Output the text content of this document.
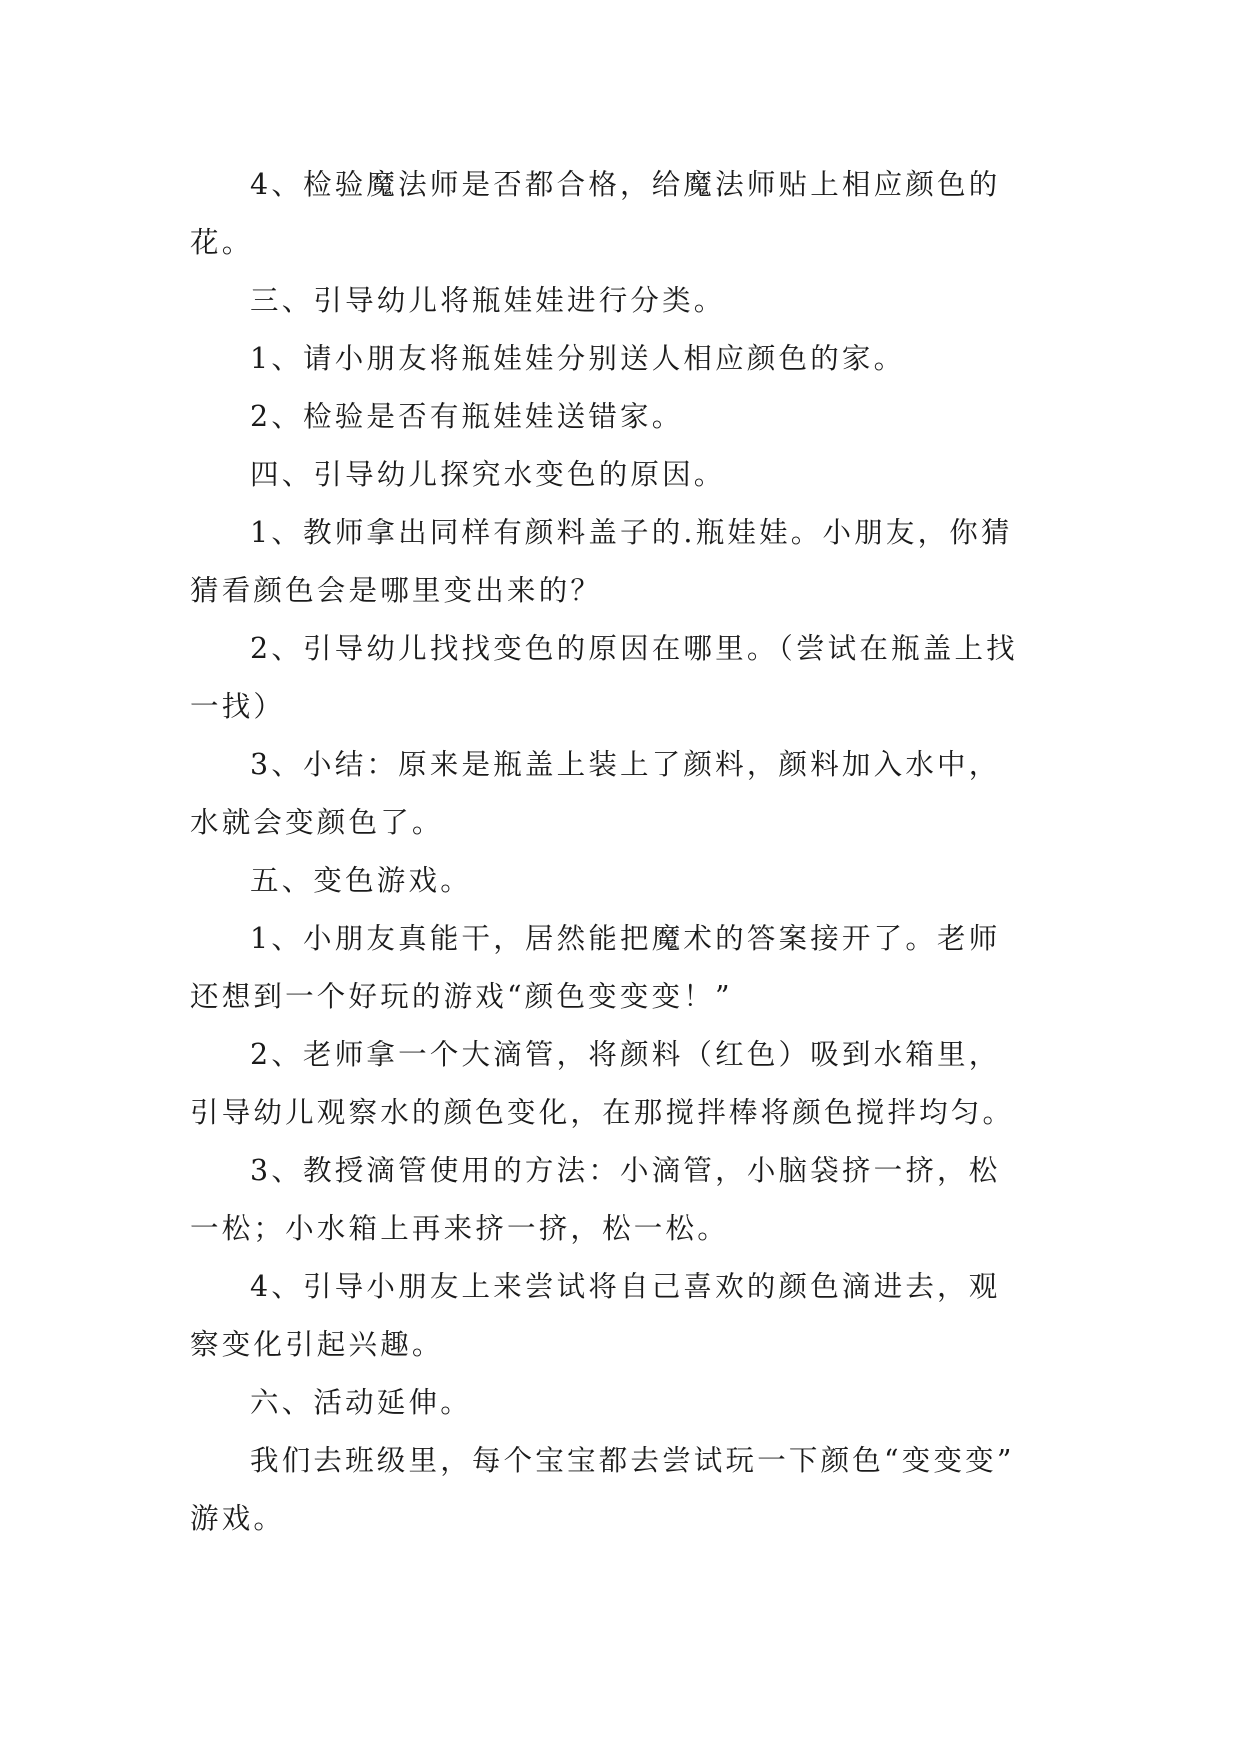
4、检验魔法师是否都合格，给魔法师贴上相应颜色的
花。
三、引导幼儿将瓶娃娃进行分类。
1、请小朋友将瓶娃娃分别送人相应颜色的家。
2、检验是否有瓶娃娃送错家。
四、引导幼儿探究水变色的原因。
1、教师拿出同样有颜料盖子的.瓶娃娃。小朋友，你猜
猜看颜色会是哪里变出来的？
2、引导幼儿找找变色的原因在哪里。（尝试在瓶盖上找
一找）
3、小结：原来是瓶盖上装上了颜料，颜料加入水中，
水就会变颜色了。
五、变色游戏。
1、小朋友真能干，居然能把魔术的答案接开了。老师
还想到一个好玩的游戏“颜色变变变！”
2、老师拿一个大滴管，将颜料（红色）吸到水箱里，
引导幼儿观察水的颜色变化，在那搅拌棒将颜色搅拌均匀。
3、教授滴管使用的方法：小滴管，小脑袋挤一挤，松
一松；小水箱上再来挤一挤，松一松。
4、引导小朋友上来尝试将自己喜欢的颜色滴进去，观
察变化引起兴趣。
六、活动延伸。
我们去班级里，每个宝宝都去尝试玩一下颜色“变变变”
游戏。
